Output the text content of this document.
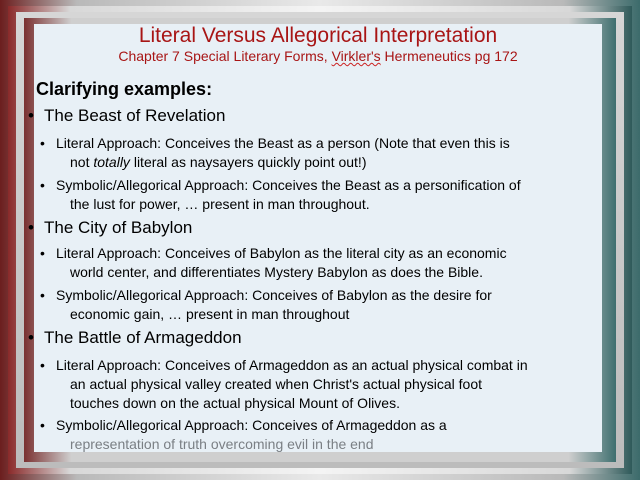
Literal Versus Allegorical Interpretation
Chapter 7 Special Literary Forms, Virkler's Hermeneutics pg 172
Clarifying examples:
• The Beast of Revelation
• Literal Approach: Conceives the Beast as a person (Note that even this is
not totally literal as naysayers quickly point out!)
• Symbolic/Allegorical Approach: Conceives the Beast as a personification of
the lust for power, … present in man throughout.
• The City of Babylon
• Literal Approach: Conceives of Babylon as the literal city as an economic
world center, and differentiates Mystery Babylon as does the Bible.
• Symbolic/Allegorical Approach: Conceives of Babylon as the desire for
economic gain, … present in man throughout
• The Battle of Armageddon
• Literal Approach: Conceives of Armageddon as an actual physical combat in
an actual physical valley created when Christ's actual physical foot
touches down on the actual physical Mount of Olives.
• Symbolic/Allegorical Approach: Conceives of Armageddon as a
representation of truth overcoming evil in the end
